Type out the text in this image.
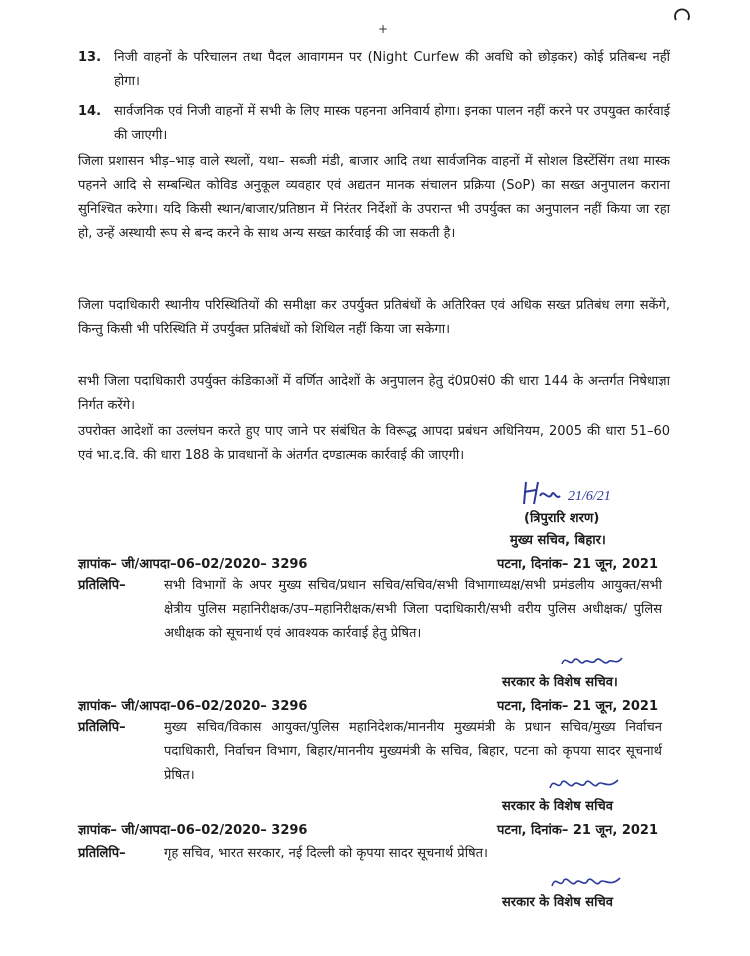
+
13. निजी वाहनों के परिचालन तथा पैदल आवागमन पर (Night Curfew की अवधि को छोड़कर) कोई प्रतिबन्ध नहीं होगा।
14. सार्वजनिक एवं निजी वाहनों में सभी के लिए मास्क पहनना अनिवार्य होगा। इनका पालन नहीं करने पर उपयुक्त कार्रवाई की जाएगी।
जिला प्रशासन भीड़–भाड़ वाले स्थलों, यथा– सब्जी मंडी, बाजार आदि तथा सार्वजनिक वाहनों में सोशल डिस्टेंसिंग तथा मास्क पहनने आदि से सम्बन्धित कोविड अनुकूल व्यवहार एवं अद्यतन मानक संचालन प्रक्रिया (SoP) का सख्त अनुपालन कराना सुनिश्चित करेगा। यदि किसी स्थान/बाजार/प्रतिष्ठान में निरंतर निर्देशों के उपरान्त भी उपर्युक्त का अनुपालन नहीं किया जा रहा हो, उन्हें अस्थायी रूप से बन्द करने के साथ अन्य सख्त कार्रवाई की जा सकती है।
जिला पदाधिकारी स्थानीय परिस्थितियों की समीक्षा कर उपर्युक्त प्रतिबंधों के अतिरिक्त एवं अधिक सख्त प्रतिबंध लगा सकेंगे, किन्तु किसी भी परिस्थिति में उपर्युक्त प्रतिबंधों को शिथिल नहीं किया जा सकेगा।
सभी जिला पदाधिकारी उपर्युक्त कंडिकाओं में वर्णित आदेशों के अनुपालन हेतु दं0प्र0सं0 की धारा 144 के अन्तर्गत निषेधाज्ञा निर्गत करेंगे।
उपरोक्त आदेशों का उल्लंघन करते हुए पाए जाने पर संबंधित के विरूद्ध आपदा प्रबंधन अधिनियम, 2005 की धारा 51–60 एवं भा.द.वि. की धारा 188 के प्रावधानों के अंतर्गत दण्डात्मक कार्रवाई की जाएगी।
21/6/21
(त्रिपुरारि शरण)
मुख्य सचिव, बिहार।
ज्ञापांक– जी/आपदा–06–02/2020– 3296	पटना, दिनांक– 21 जून, 2021
प्रतिलिपि–	सभी विभागों के अपर मुख्य सचिव/प्रधान सचिव/सचिव/सभी विभागाध्यक्ष/सभी प्रमंडलीय आयुक्त/सभी क्षेत्रीय पुलिस महानिरीक्षक/उप–महानिरीक्षक/सभी जिला पदाधिकारी/सभी वरीय पुलिस अधीक्षक/ पुलिस अधीक्षक को सूचनार्थ एवं आवश्यक कार्रवाई हेतु प्रेषित।
सरकार के विशेष सचिव।
ज्ञापांक– जी/आपदा–06–02/2020– 3296	पटना, दिनांक– 21 जून, 2021
प्रतिलिपि–	मुख्य सचिव/विकास आयुक्त/पुलिस महानिदेशक/माननीय मुख्यमंत्री के प्रधान सचिव/मुख्य निर्वाचन पदाधिकारी, निर्वाचन विभाग, बिहार/माननीय मुख्यमंत्री के सचिव, बिहार, पटना को कृपया सादर सूचनार्थ प्रेषित।
सरकार के विशेष सचिव
ज्ञापांक– जी/आपदा–06–02/2020– 3296	पटना, दिनांक– 21 जून, 2021
प्रतिलिपि–	गृह सचिव, भारत सरकार, नई दिल्ली को कृपया सादर सूचनार्थ प्रेषित।
सरकार के विशेष सचिव
